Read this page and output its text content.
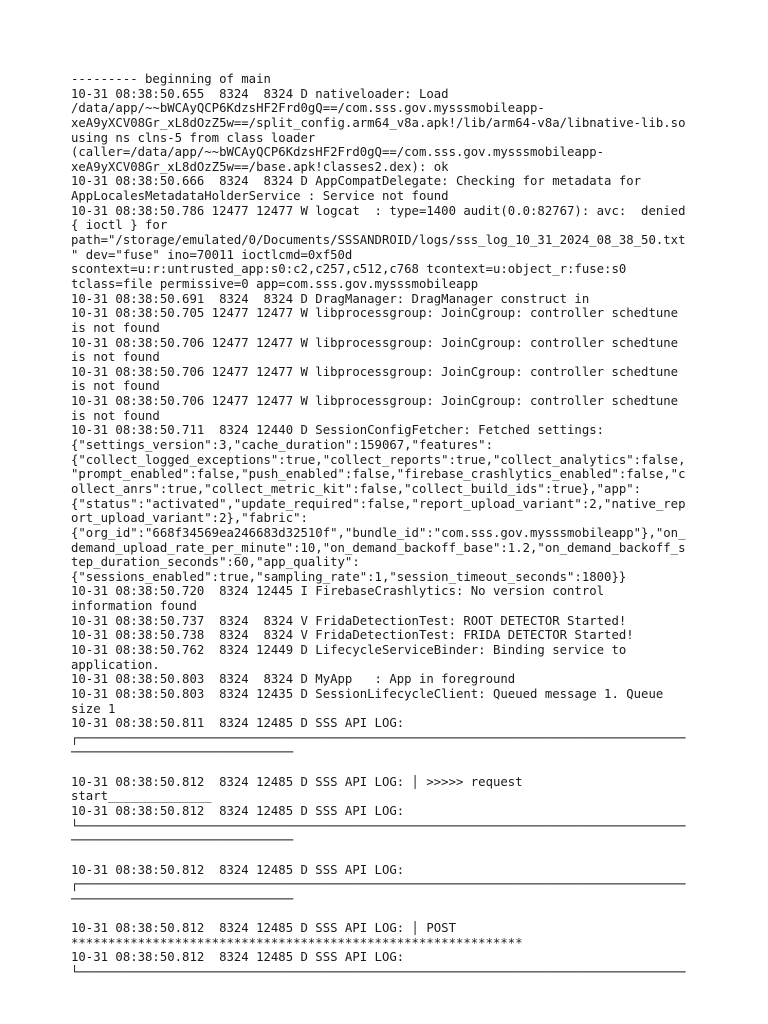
--------- beginning of main
10-31 08:38:50.655  8324  8324 D nativeloader: Load
/data/app/~~bWCAyQCP6KdzsHF2Frd0gQ==/com.sss.gov.mysssmobileapp-
xeA9yXCV08Gr_xL8dOzZ5w==/split_config.arm64_v8a.apk!/lib/arm64-v8a/libnative-lib.so
using ns clns-5 from class loader
(caller=/data/app/~~bWCAyQCP6KdzsHF2Frd0gQ==/com.sss.gov.mysssmobileapp-
xeA9yXCV08Gr_xL8dOzZ5w==/base.apk!classes2.dex): ok
10-31 08:38:50.666  8324  8324 D AppCompatDelegate: Checking for metadata for
AppLocalesMetadataHolderService : Service not found
10-31 08:38:50.786 12477 12477 W logcat  : type=1400 audit(0.0:82767): avc:  denied
{ ioctl } for
path="/storage/emulated/0/Documents/SSSANDROID/logs/sss_log_10_31_2024_08_38_50.txt
" dev="fuse" ino=70011 ioctlcmd=0xf50d
scontext=u:r:untrusted_app:s0:c2,c257,c512,c768 tcontext=u:object_r:fuse:s0
tclass=file permissive=0 app=com.sss.gov.mysssmobileapp
10-31 08:38:50.691  8324  8324 D DragManager: DragManager construct in
10-31 08:38:50.705 12477 12477 W libprocessgroup: JoinCgroup: controller schedtune
is not found
10-31 08:38:50.706 12477 12477 W libprocessgroup: JoinCgroup: controller schedtune
is not found
10-31 08:38:50.706 12477 12477 W libprocessgroup: JoinCgroup: controller schedtune
is not found
10-31 08:38:50.706 12477 12477 W libprocessgroup: JoinCgroup: controller schedtune
is not found
10-31 08:38:50.711  8324 12440 D SessionConfigFetcher: Fetched settings:
{"settings_version":3,"cache_duration":159067,"features":
{"collect_logged_exceptions":true,"collect_reports":true,"collect_analytics":false,
"prompt_enabled":false,"push_enabled":false,"firebase_crashlytics_enabled":false,"c
ollect_anrs":true,"collect_metric_kit":false,"collect_build_ids":true},"app":
{"status":"activated","update_required":false,"report_upload_variant":2,"native_rep
ort_upload_variant":2},"fabric":
{"org_id":"668f34569ea246683d32510f","bundle_id":"com.sss.gov.mysssmobileapp"},"on_
demand_upload_rate_per_minute":10,"on_demand_backoff_base":1.2,"on_demand_backoff_s
tep_duration_seconds":60,"app_quality":
{"sessions_enabled":true,"sampling_rate":1,"session_timeout_seconds":1800}}
10-31 08:38:50.720  8324 12445 I FirebaseCrashlytics: No version control
information found
10-31 08:38:50.737  8324  8324 V FridaDetectionTest: ROOT DETECTOR Started!
10-31 08:38:50.738  8324  8324 V FridaDetectionTest: FRIDA DETECTOR Started!
10-31 08:38:50.762  8324 12449 D LifecycleServiceBinder: Binding service to
application.
10-31 08:38:50.803  8324  8324 D MyApp   : App in foreground
10-31 08:38:50.803  8324 12435 D SessionLifecycleClient: Queued message 1. Queue
size 1
10-31 08:38:50.811  8324 12485 D SSS API LOG:
┌──────────────────────────────────────────────────────────────────────────────────
──────────────────────────────
10-31 08:38:50.812  8324 12485 D SSS API LOG: │ >>>>> request
start______________
10-31 08:38:50.812  8324 12485 D SSS API LOG:
└──────────────────────────────────────────────────────────────────────────────────
──────────────────────────────
10-31 08:38:50.812  8324 12485 D SSS API LOG:
┌──────────────────────────────────────────────────────────────────────────────────
──────────────────────────────
10-31 08:38:50.812  8324 12485 D SSS API LOG: │ POST
*************************************************************
10-31 08:38:50.812  8324 12485 D SSS API LOG:
└──────────────────────────────────────────────────────────────────────────────────
